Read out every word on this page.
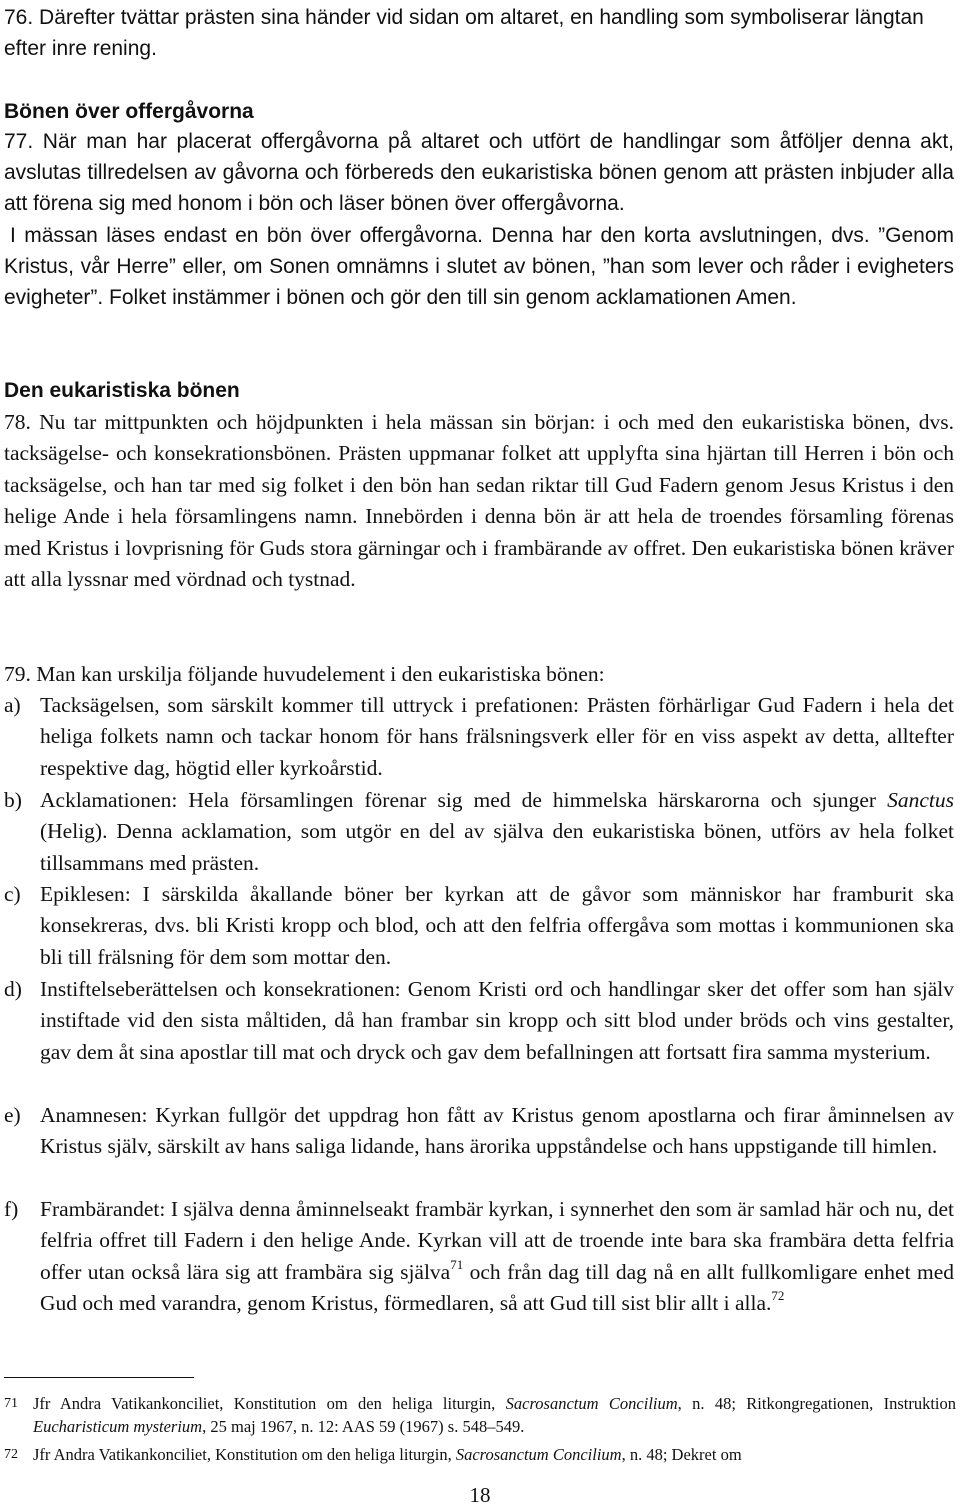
76. Därefter tvättar prästen sina händer vid sidan om altaret, en handling som symboliserar längtan efter inre rening.

Bönen över offergåvorna

77. När man har placerat offergåvorna på altaret och utfört de handlingar som åtföljer denna akt, avslutas tillredelsen av gåvorna och förbereds den eukaristiska bönen genom att prästen inbjuder alla att förena sig med honom i bön och läser bönen över offergåvorna.

I mässan läses endast en bön över offergåvorna. Denna har den korta avslutningen, dvs. ”Genom Kristus, vår Herre” eller, om Sonen omnämns i slutet av bönen, ”han som lever och råder i evigheters evigheter”. Folket instämmer i bönen och gör den till sin genom acklamationen Amen.

Den eukaristiska bönen

78. Nu tar mittpunkten och höjdpunkten i hela mässan sin början: i och med den eukaristiska bönen, dvs. tacksägelse- och konsekrationsbönen. Prästen uppmanar folket att upplyfta sina hjärtan till Herren i bön och tacksägelse, och han tar med sig folket i den bön han sedan riktar till Gud Fadern genom Jesus Kristus i den helige Ande i hela församlingens namn. Innebörden i denna bön är att hela de troendes församling förenas med Kristus i lovprisning för Guds stora gärningar och i frambärande av offret. Den eukaristiska bönen kräver att alla lyssnar med vördnad och tystnad.

79. Man kan urskilja följande huvudelement i den eukaristiska bönen:

a) Tacksägelsen, som särskilt kommer till uttryck i prefationen: Prästen förhärligar Gud Fadern i hela det heliga folkets namn och tackar honom för hans frälsningsverk eller för en viss aspekt av detta, alltefter respektive dag, högtid eller kyrkoårstid.
b) Acklamationen: Hela församlingen förenar sig med de himmelska härskarorna och sjunger Sanctus (Helig). Denna acklamation, som utgör en del av själva den eukaristiska bönen, utförs av hela folket tillsammans med prästen.
c) Epiklesen: I särskilda åkallande böner ber kyrkan att de gåvor som människor har framburit ska konsekreras, dvs. bli Kristi kropp och blod, och att den felfria offergåva som mottas i kommunionen ska bli till frälsning för dem som mottar den.
d) Instiftelseberättelsen och konsekrationen: Genom Kristi ord och handlingar sker det offer som han själv instiftade vid den sista måltiden, då han frambar sin kropp och sitt blod under bröds och vins gestalter, gav dem åt sina apostlar till mat och dryck och gav dem befallningen att fortsatt fira samma mysterium.
e) Anamnesen: Kyrkan fullgör det uppdrag hon fått av Kristus genom apostlarna och firar åminnelsen av Kristus själv, särskilt av hans saliga lidande, hans ärorika uppståndelse och hans uppstigande till himlen.
f) Frambärandet: I själva denna åminnelseakt frambär kyrkan, i synnerhet den som är samlad här och nu, det felfria offret till Fadern i den helige Ande. Kyrkan vill att de troende inte bara ska frambära detta felfria offer utan också lära sig att frambära sig själva$^{71}$ och från dag till dag nå en allt fullkomligare enhet med Gud och med varandra, genom Kristus, förmedlaren, så att Gud till sist blir allt i alla.$^{72}$
71 Jfr Andra Vatikankonciliet, Konstitution om den heliga liturgin, Sacrosanctum Concilium, n. 48; Ritkongregationen, Instruktion Eucharisticum mysterium, 25 maj 1967, n. 12: AAS 59 (1967) s. 548–549.
72 Jfr Andra Vatikankonciliet, Konstitution om den heliga liturgin, Sacrosanctum Concilium, n. 48; Dekret om
18
